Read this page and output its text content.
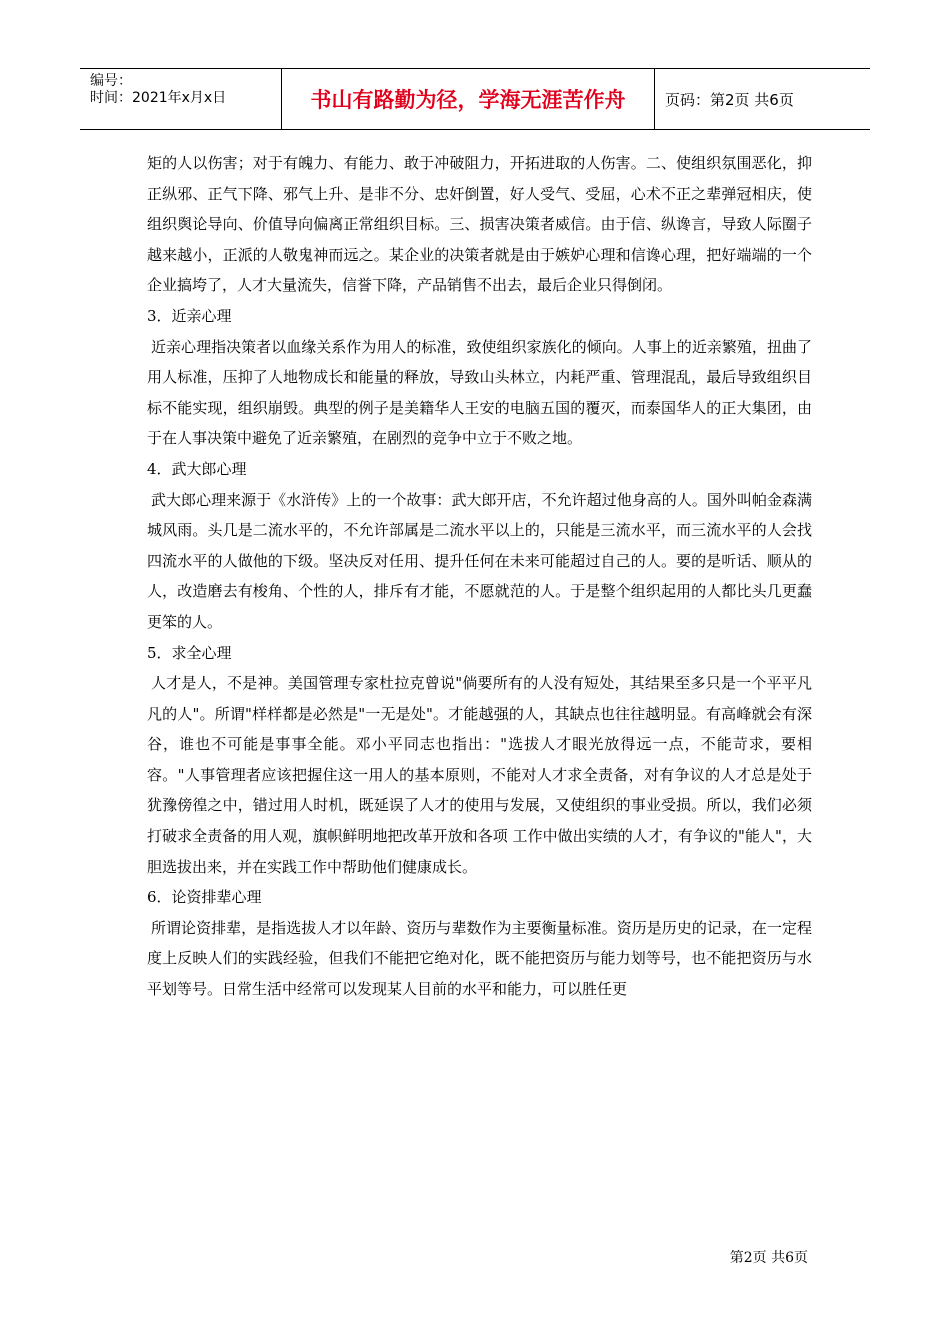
编号：
时间：2021年x月x日	书山有路勤为径，学海无涯苦作舟	页码：第2页 共6页

矩的人以伤害；对于有魄力、有能力、敢于冲破阻力，开拓进取的人伤害。二、使组织氛围恶化，抑正纵邪、正气下降、邪气上升、是非不分、忠奸倒置，好人受气、受屈，心术不正之辈弹冠相庆，使组织舆论导向、价值导向偏离正常组织目标。三、损害决策者威信。由于信、纵谗言，导致人际圈子越来越小，正派的人敬鬼神而远之。某企业的决策者就是由于嫉妒心理和信谗心理，把好端端的一个企业搞垮了，人才大量流失，信誉下降，产品销售不出去，最后企业只得倒闭。

3．近亲心理

近亲心理指决策者以血缘关系作为用人的标准，致使组织家族化的倾向。人事上的近亲繁殖，扭曲了用人标准，压抑了人地物成长和能量的释放，导致山头林立，内耗严重、管理混乱，最后导致组织目标不能实现，组织崩毁。典型的例子是美籍华人王安的电脑五国的覆灭，而泰国华人的正大集团，由于在人事决策中避免了近亲繁殖，在剧烈的竞争中立于不败之地。

4．武大郎心理

武大郎心理来源于《水浒传》上的一个故事：武大郎开店，不允许超过他身高的人。国外叫帕金森满城风雨。头几是二流水平的，不允许部属是二流水平以上的，只能是三流水平，而三流水平的人会找四流水平的人做他的下级。坚决反对任用、提升任何在未来可能超过自己的人。要的是听话、顺从的人，改造磨去有梭角、个性的人，排斥有才能，不愿就范的人。于是整个组织起用的人都比头几更蠢更笨的人。

5．求全心理

人才是人，不是神。美国管理专家杜拉克曾说"倘要所有的人没有短处，其结果至多只是一个平平凡凡的人"。所谓"样样都是必然是"一无是处"。才能越强的人，其缺点也往往越明显。有高峰就会有深谷，谁也不可能是事事全能。邓小平同志也指出："选拔人才眼光放得远一点，不能苛求，要相容。"人事管理者应该把握住这一用人的基本原则，不能对人才求全责备，对有争议的人才总是处于犹豫傍徨之中，错过用人时机，既延误了人才的使用与发展，又使组织的事业受损。所以，我们必须打破求全责备的用人观，旗帜鲜明地把改革开放和各项 工作中做出实绩的人才，有争议的"能人"，大胆选拔出来，并在实践工作中帮助他们健康成长。

6．论资排辈心理

所谓论资排辈，是指选拔人才以年龄、资历与辈数作为主要衡量标准。资历是历史的记录，在一定程度上反映人们的实践经验，但我们不能把它绝对化，既不能把资历与能力划等号，也不能把资历与水平划等号。日常生活中经常可以发现某人目前的水平和能力，可以胜任更

第2页 共6页
